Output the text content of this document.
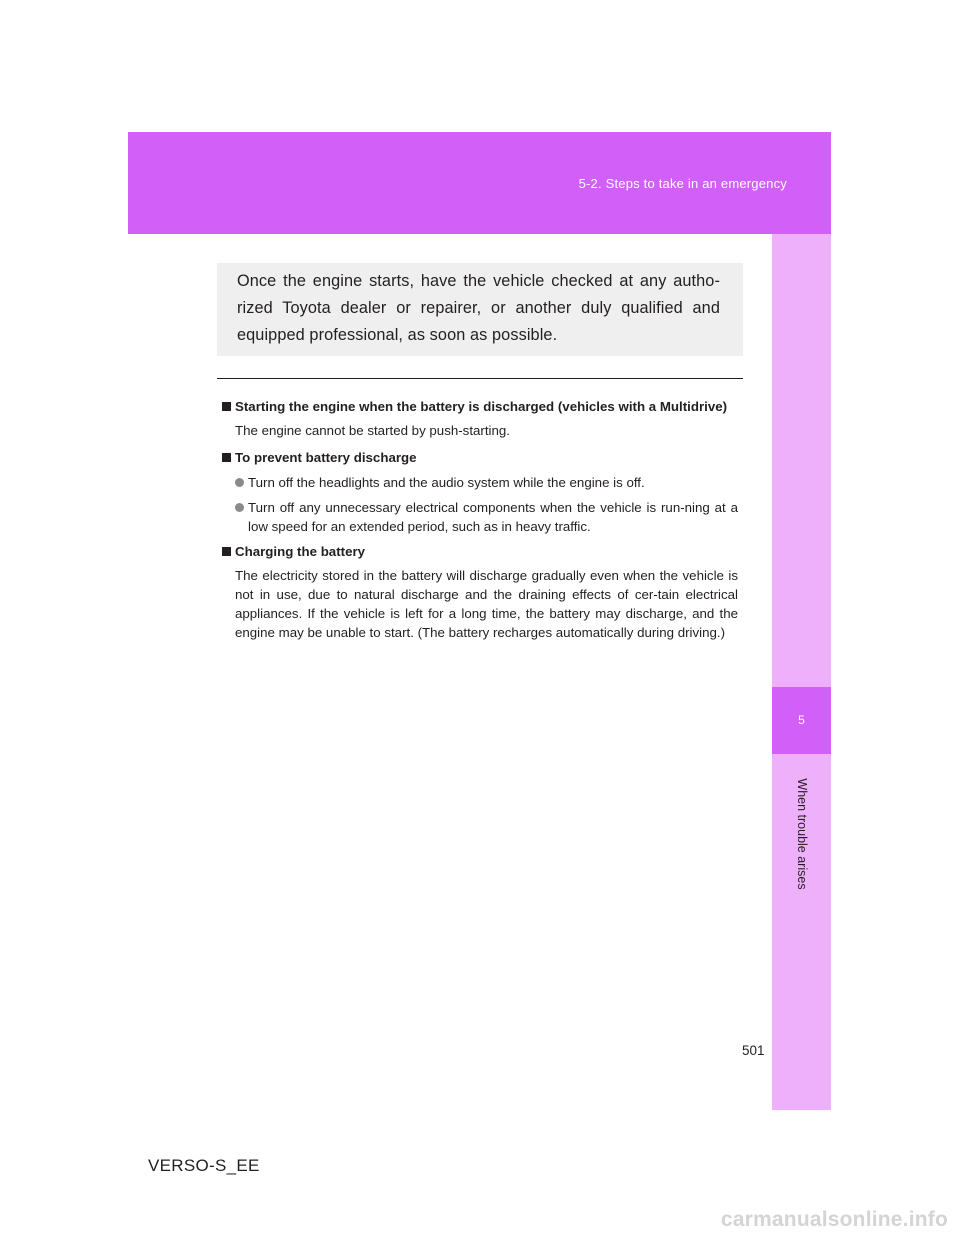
5-2. Steps to take in an emergency
5
When trouble arises

Once the engine starts, have the vehicle checked at any autho-rized Toyota dealer or repairer, or another duly qualified and equipped professional, as soon as possible.

Starting the engine when the battery is discharged (vehicles with a Multidrive)

The engine cannot be started by push-starting.

To prevent battery discharge
Turn off the headlights and the audio system while the engine is off.
Turn off any unnecessary electrical components when the vehicle is run-ning at a low speed for an extended period, such as in heavy traffic.
Charging the battery

The electricity stored in the battery will discharge gradually even when the vehicle is not in use, due to natural discharge and the draining effects of cer-tain electrical appliances. If the vehicle is left for a long time, the battery may discharge, and the engine may be unable to start. (The battery recharges automatically during driving.)

501
VERSO-S_EE
carmanualsonline.info
